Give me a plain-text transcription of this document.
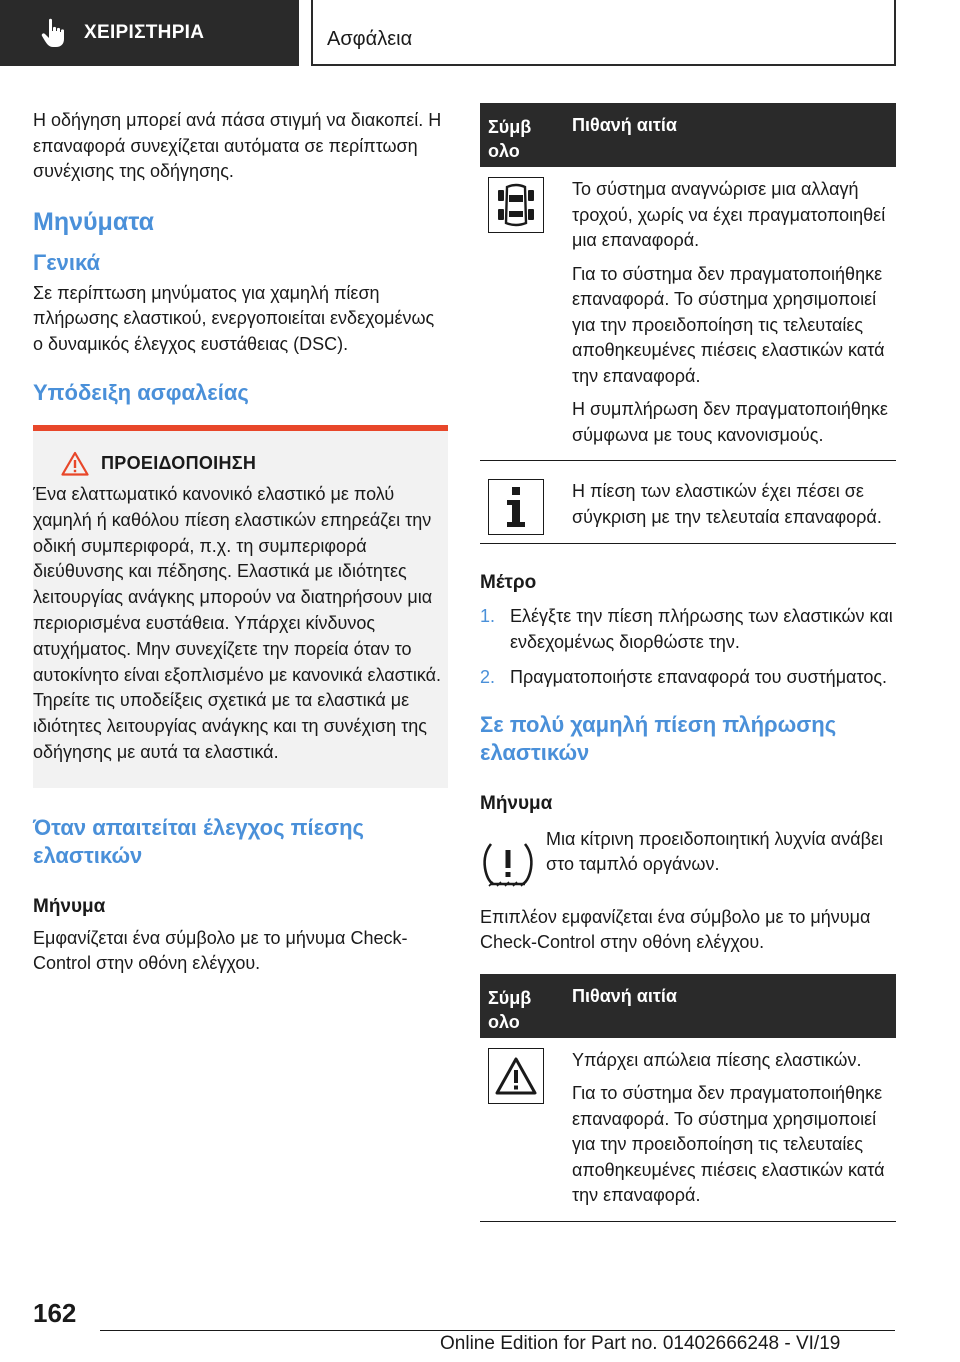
ΧΕΙΡΙΣΤΗΡΙΑ	Ασφάλεια
Η οδήγηση μπορεί ανά πάσα στιγμή να διακοπεί. Η επαναφορά συνεχίζεται αυτόματα σε περίπτωση συνέχισης της οδήγησης.
Μηνύματα
Γενικά
Σε περίπτωση μηνύματος για χαμηλή πίεση πλήρωσης ελαστικού, ενεργοποιείται ενδεχομένως ο δυναμικός έλεγχος ευστάθειας (DSC).
Υπόδειξη ασφαλείας
ΠΡΟΕΙΔΟΠΟΙΗΣΗ
Ένα ελαττωματικό κανονικό ελαστικό με πολύ χαμηλή ή καθόλου πίεση ελαστικών επηρεάζει την οδική συμπεριφορά, π.χ. τη συμπεριφορά διεύθυνσης και πέδησης. Ελαστικά με ιδιότητες λειτουργίας ανάγκης μπορούν να διατηρήσουν μια περιορισμένα ευστάθεια. Υπάρχει κίνδυνος ατυχήματος. Μην συνεχίζετε την πορεία όταν το αυτοκίνητο είναι εξοπλισμένο με κανονικά ελαστικά. Τηρείτε τις υποδείξεις σχετικά με τα ελαστικά με ιδιότητες λειτουργίας ανάγκης και τη συνέχιση της οδήγησης με αυτά τα ελαστικά.
Όταν απαιτείται έλεγχος πίεσης ελαστικών
Μήνυμα
Εμφανίζεται ένα σύμβολο με το μήνυμα Check-Control στην οθόνη ελέγχου.
Σύμβολο
Πιθανή αιτία
Το σύστημα αναγνώρισε μια αλλαγή τροχού, χωρίς να έχει πραγματοποιηθεί μια επαναφορά.
Για το σύστημα δεν πραγματοποιήθηκε επαναφορά. Το σύστημα χρησιμοποιεί για την προειδοποίηση τις τελευταίες αποθηκευμένες πιέσεις ελαστικών κατά την επαναφορά.
Η συμπλήρωση δεν πραγματοποιήθηκε σύμφωνα με τους κανονισμούς.
Η πίεση των ελαστικών έχει πέσει σε σύγκριση με την τελευταία επαναφορά.
Μέτρο
1. Ελέγξτε την πίεση πλήρωσης των ελαστικών και ενδεχομένως διορθώστε την.
2. Πραγματοποιήστε επαναφορά του συστήματος.
Σε πολύ χαμηλή πίεση πλήρωσης ελαστικών
Μήνυμα
Μια κίτρινη προειδοποιητική λυχνία ανάβει στο ταμπλό οργάνων.
Επιπλέον εμφανίζεται ένα σύμβολο με το μήνυμα Check-Control στην οθόνη ελέγχου.
Σύμβολο
Πιθανή αιτία
Υπάρχει απώλεια πίεσης ελαστικών.
Για το σύστημα δεν πραγματοποιήθηκε επαναφορά. Το σύστημα χρησιμοποιεί για την προειδοποίηση τις τελευταίες αποθηκευμένες πιέσεις ελαστικών κατά την επαναφορά.
162
Online Edition for Part no. 01402666248 - VI/19
